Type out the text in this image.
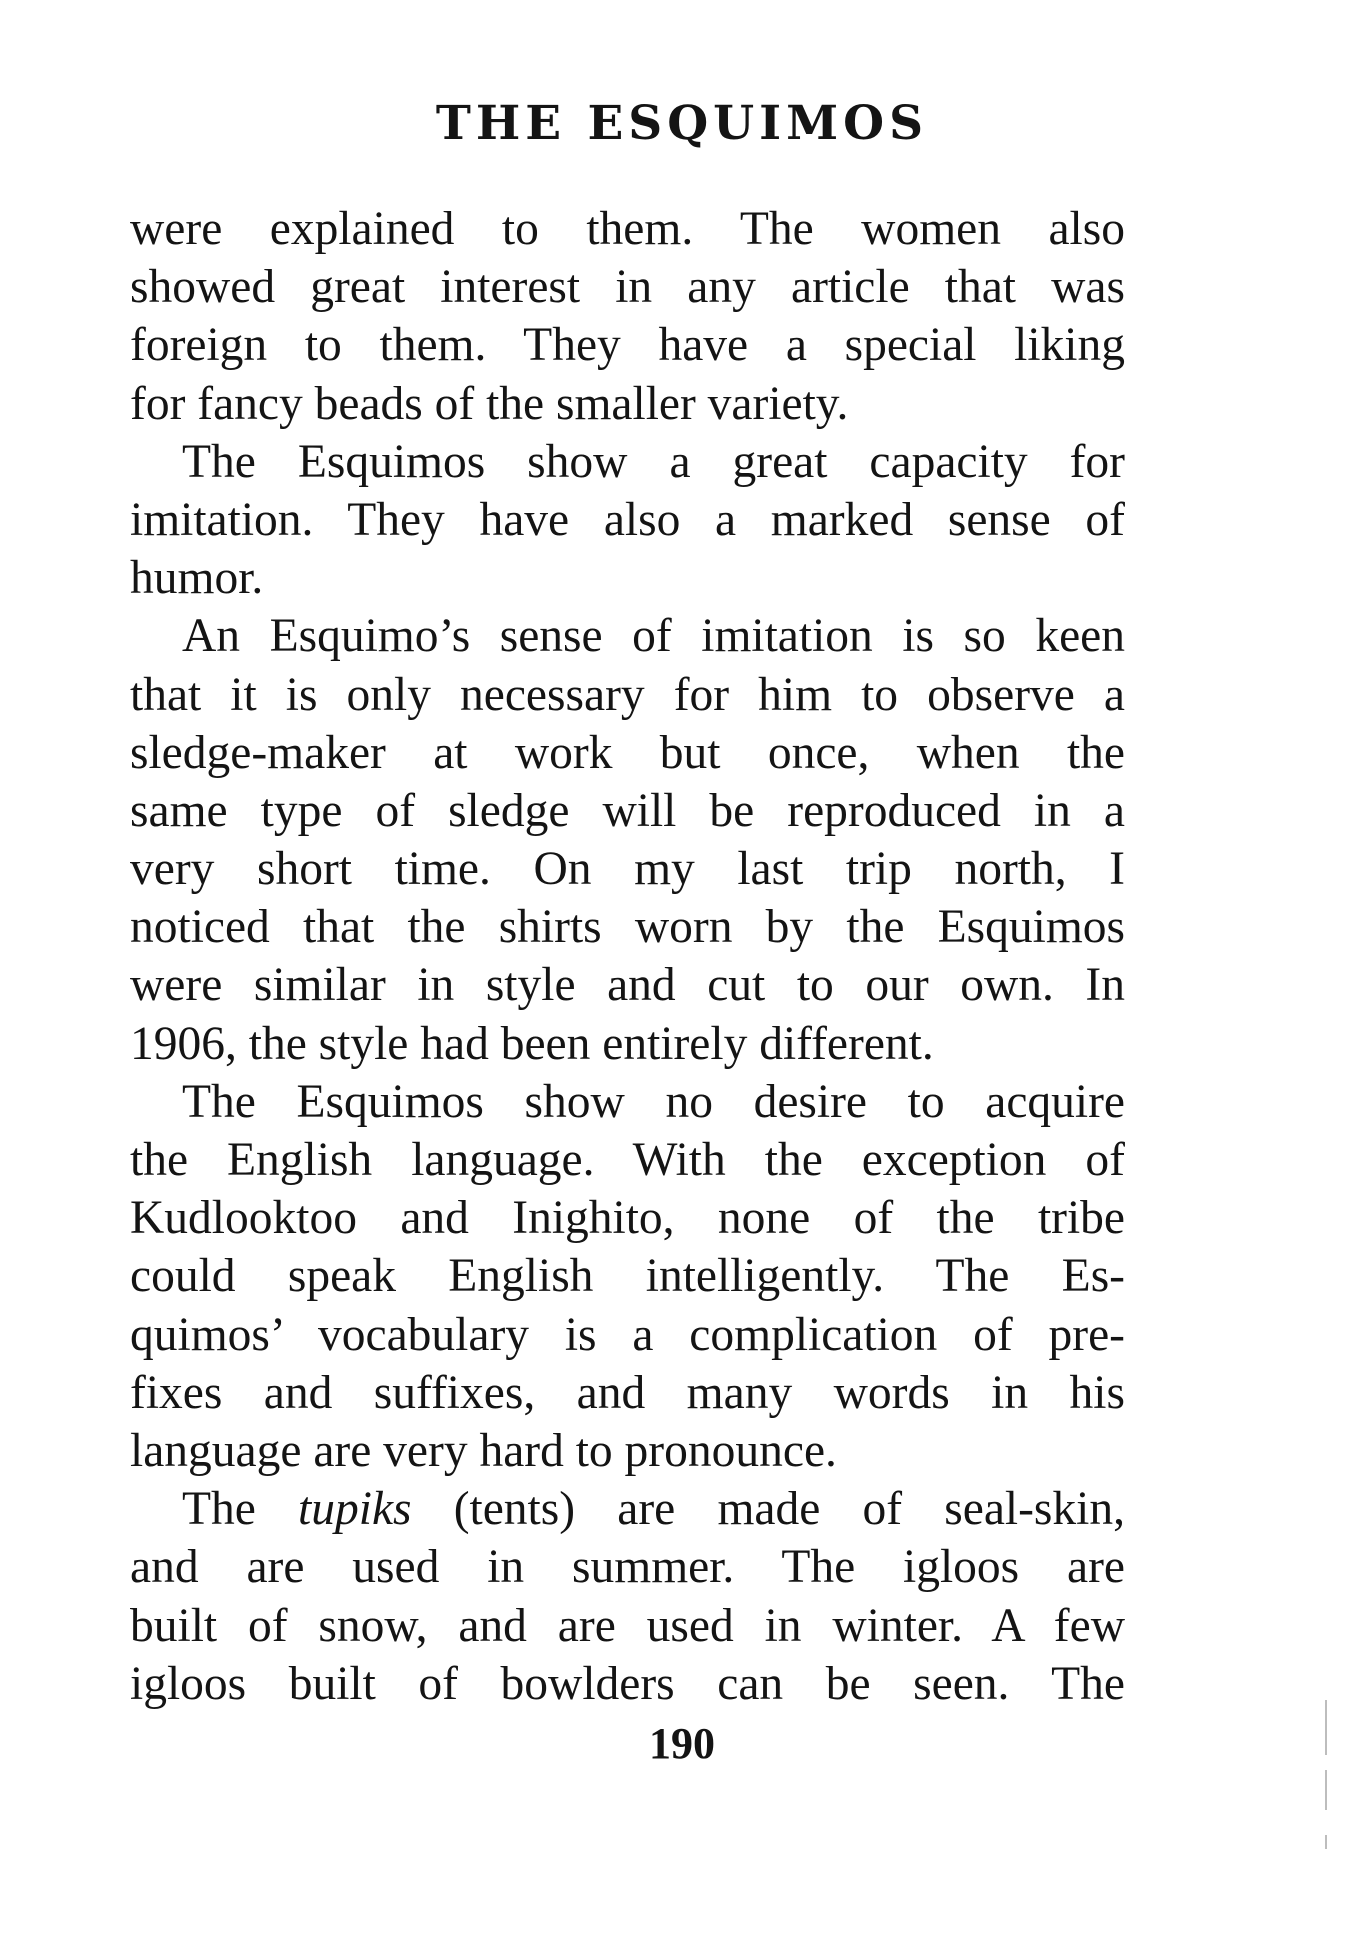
THE ESQUIMOS
were explained to them. The women also
showed great interest in any article that was
foreign to them. They have a special liking
for fancy beads of the smaller variety.
The Esquimos show a great capacity for
imitation. They have also a marked sense of
humor.
An Esquimo’s sense of imitation is so keen
that it is only necessary for him to observe a
sledge-maker at work but once, when the
same type of sledge will be reproduced in a
very short time. On my last trip north, I
noticed that the shirts worn by the Esquimos
were similar in style and cut to our own. In
1906, the style had been entirely different.
The Esquimos show no desire to acquire
the English language. With the exception of
Kudlooktoo and Inighito, none of the tribe
could speak English intelligently. The Es-
quimos’ vocabulary is a complication of pre-
fixes and suffixes, and many words in his
language are very hard to pronounce.
The tupiks (tents) are made of seal-skin,
and are used in summer. The igloos are
built of snow, and are used in winter. A few
igloos built of bowlders can be seen. The
190
